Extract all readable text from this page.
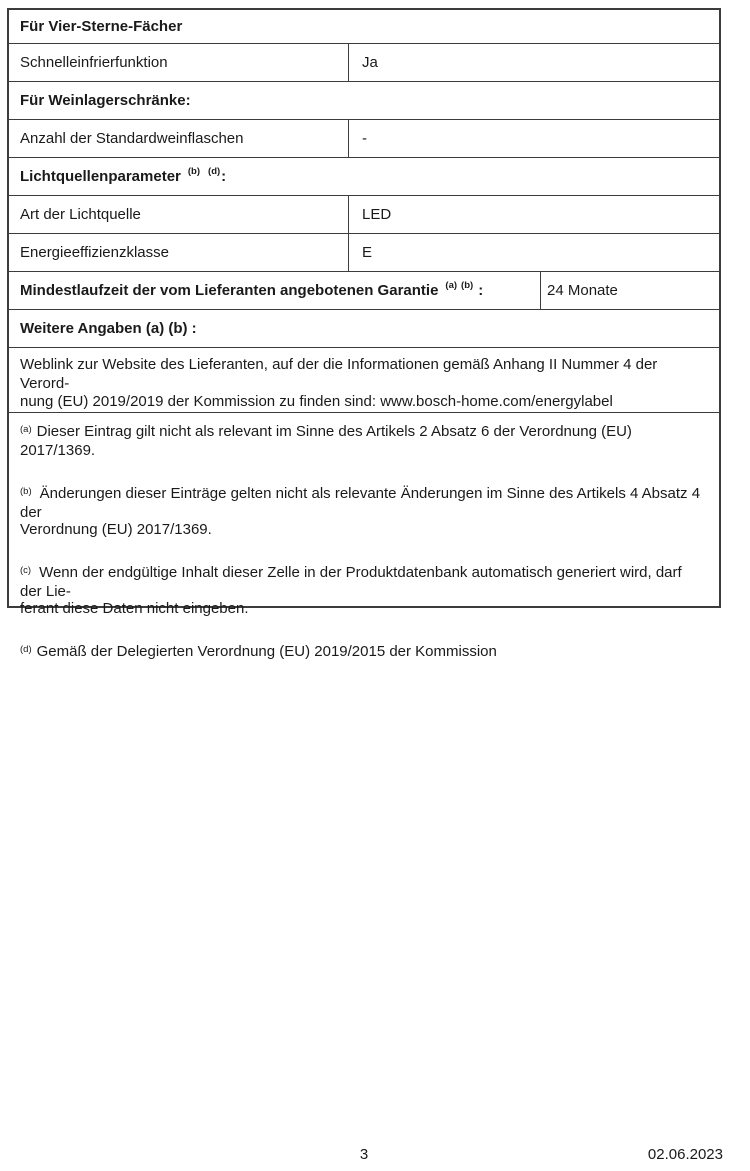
Für Vier-Sterne-Fächer
Schnelleinfrierfunktion	Ja
Für Weinlagerschränke:
Anzahl der Standardweinflaschen	-
Lichtquellenparameter (b) (d) :
Art der Lichtquelle	LED
Energieeffizienzklasse	E
Mindestlaufzeit der vom Lieferanten angebotenen Garantie (a) (b) :	24 Monate
Weitere Angaben (a) (b) :
Weblink zur Website des Lieferanten, auf der die Informationen gemäß Anhang II Nummer 4 der Verord-
nung (EU) 2019/2019 der Kommission zu finden sind: www.bosch-home.com/energylabel

$^{(a)}$ Dieser Eintrag gilt nicht als relevant im Sinne des Artikels 2 Absatz 6 der Verordnung (EU) 2017/1369.

$^{(b)}$ Änderungen dieser Einträge gelten nicht als relevante Änderungen im Sinne des Artikels 4 Absatz 4 der
Verordnung (EU) 2017/1369.

$^{(c)}$ Wenn der endgültige Inhalt dieser Zelle in der Produktdatenbank automatisch generiert wird, darf der Lie-
ferant diese Daten nicht eingeben.

$^{(d)}$ Gemäß der Delegierten Verordnung (EU) 2019/2015 der Kommission

3	02.06.2023
